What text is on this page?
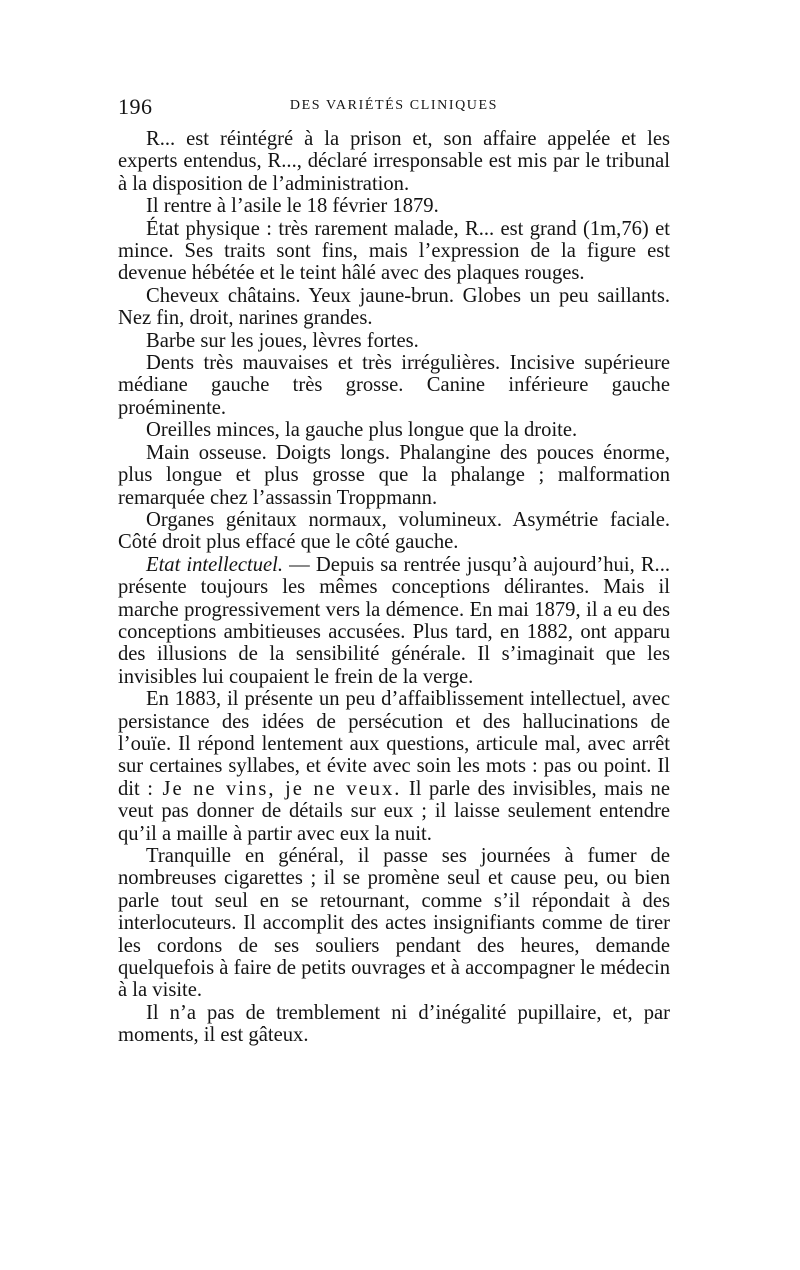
196	DES VARIÉTÉS CLINIQUES

R... est réintégré à la prison et, son affaire appelée et les experts entendus, R..., déclaré irresponsable est mis par le tribunal à la disposition de l’administration.

Il rentre à l’asile le 18 février 1879.

État physique : très rarement malade, R... est grand (1m,76) et mince. Ses traits sont fins, mais l’expression de la figure est devenue hébétée et le teint hâlé avec des plaques rouges.

Cheveux châtains. Yeux jaune-brun. Globes un peu saillants. Nez fin, droit, narines grandes.

Barbe sur les joues, lèvres fortes.

Dents très mauvaises et très irrégulières. Incisive supérieure médiane gauche très grosse. Canine inférieure gauche proéminente.

Oreilles minces, la gauche plus longue que la droite.

Main osseuse. Doigts longs. Phalangine des pouces énorme, plus longue et plus grosse que la phalange ; malformation remarquée chez l’assassin Troppmann.

Organes génitaux normaux, volumineux. Asymétrie faciale. Côté droit plus effacé que le côté gauche.

Etat intellectuel. — Depuis sa rentrée jusqu’à aujourd’hui, R... présente toujours les mêmes conceptions délirantes. Mais il marche progressivement vers la démence. En mai 1879, il a eu des conceptions ambitieuses accusées. Plus tard, en 1882, ont apparu des illusions de la sensibilité générale. Il s’imaginait que les invisibles lui coupaient le frein de la verge.

En 1883, il présente un peu d’affaiblissement intellectuel, avec persistance des idées de persécution et des hallucinations de l’ouïe. Il répond lentement aux questions, articule mal, avec arrêt sur certaines syllabes, et évite avec soin les mots : pas ou point. Il dit : Je ne vins, je ne veux. Il parle des invisibles, mais ne veut pas donner de détails sur eux ; il laisse seulement entendre qu’il a maille à partir avec eux la nuit.

Tranquille en général, il passe ses journées à fumer de nombreuses cigarettes ; il se promène seul et cause peu, ou bien parle tout seul en se retournant, comme s’il répondait à des interlocuteurs. Il accomplit des actes insignifiants comme de tirer les cordons de ses souliers pendant des heures, demande quelquefois à faire de petits ouvrages et à accompagner le médecin à la visite.

Il n’a pas de tremblement ni d’inégalité pupillaire, et, par moments, il est gâteux.
